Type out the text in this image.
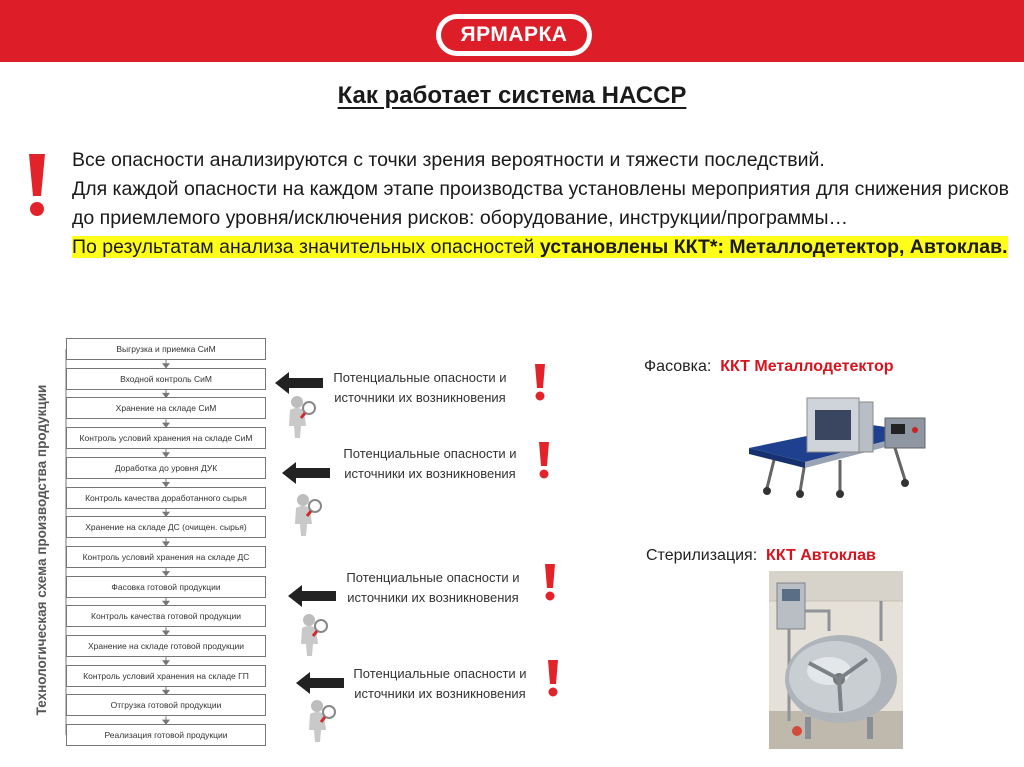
ЯРМАРКА
Как работает система НАССР

Все опасности анализируются с точки зрения вероятности и тяжести последствий.

Для каждой опасности на каждом этапе производства установлены мероприятия для снижения рисков до приемлемого уровня/исключения рисков: оборудование, инструкции/программы…

По результатам анализа значительных опасностей установлены ККТ*: Металлодетектор, Автоклав.

Технологическая схема производства продукции
Выгрузка и приемка СиМ
Входной контроль СиМ
Хранение на складе СиМ
Контроль условий хранения на складе СиМ
Доработка до уровня ДУК
Контроль качества доработанного сырья
Хранение на складе ДС (очищен. сырья)
Контроль условий хранения на складе ДС
Фасовка готовой продукции
Контроль качества готовой продукции
Хранение на складе готовой продукции
Контроль условий хранения на складе ГП
Отгрузка готовой продукции
Реализация готовой продукции
Потенциальные опасности и
источники их возникновения
Потенциальные опасности и
источники их возникновения
Потенциальные опасности и
источники их возникновения
Потенциальные опасности и
источники их возникновения
Фасовка: ККТ Металлодетектор
Стерилизация: ККТ Автоклав
